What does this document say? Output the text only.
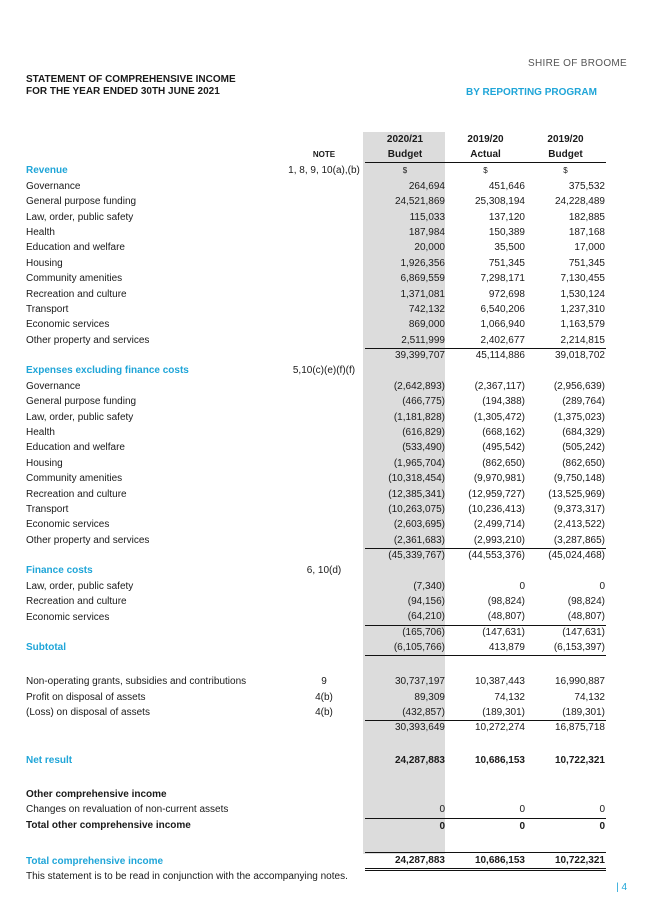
SHIRE OF BROOME
STATEMENT OF COMPREHENSIVE INCOME
FOR THE YEAR ENDED 30TH JUNE 2021	BY REPORTING PROGRAM
		2020/21	2019/20	2019/20
	NOTE	Budget	Actual	Budget
Revenue	1, 8, 9, 10(a),(b)	$	$	$
Governance		264,694	451,646	375,532
General purpose funding		24,521,869	25,308,194	24,228,489
Law, order, public safety		115,033	137,120	182,885
Health		187,984	150,389	187,168
Education and welfare		20,000	35,500	17,000
Housing		1,926,356	751,345	751,345
Community amenities		6,869,559	7,298,171	7,130,455
Recreation and culture		1,371,081	972,698	1,530,124
Transport		742,132	6,540,206	1,237,310
Economic services		869,000	1,066,940	1,163,579
Other property and services		2,511,999	2,402,677	2,214,815
		39,399,707	45,114,886	39,018,702
Expenses excluding finance costs	5,10(c)(e)(f)(f)			
Governance		(2,642,893)	(2,367,117)	(2,956,639)
General purpose funding		(466,775)	(194,388)	(289,764)
Law, order, public safety		(1,181,828)	(1,305,472)	(1,375,023)
Health		(616,829)	(668,162)	(684,329)
Education and welfare		(533,490)	(495,542)	(505,242)
Housing		(1,965,704)	(862,650)	(862,650)
Community amenities		(10,318,454)	(9,970,981)	(9,750,148)
Recreation and culture		(12,385,341)	(12,959,727)	(13,525,969)
Transport		(10,263,075)	(10,236,413)	(9,373,317)
Economic services		(2,603,695)	(2,499,714)	(2,413,522)
Other property and services		(2,361,683)	(2,993,210)	(3,287,865)
		(45,339,767)	(44,553,376)	(45,024,468)
Finance costs	6, 10(d)			
Law, order, public safety		(7,340)	0	0
Recreation and culture		(94,156)	(98,824)	(98,824)
Economic services		(64,210)	(48,807)	(48,807)
		(165,706)	(147,631)	(147,631)
Subtotal		(6,105,766)	413,879	(6,153,397)

Non-operating grants, subsidies and contributions	9	30,737,197	10,387,443	16,990,887
Profit on disposal of assets	4(b)	89,309	74,132	74,132
(Loss) on disposal of assets	4(b)	(432,857)	(189,301)	(189,301)
		30,393,649	10,272,274	16,875,718

Net result		24,287,883	10,686,153	10,722,321

Other comprehensive income				
Changes on revaluation of non-current assets		0	0	0
Total other comprehensive income		0	0	0

Total comprehensive income		24,287,883	10,686,153	10,722,321
This statement is to be read in conjunction with the accompanying notes.
| 4
